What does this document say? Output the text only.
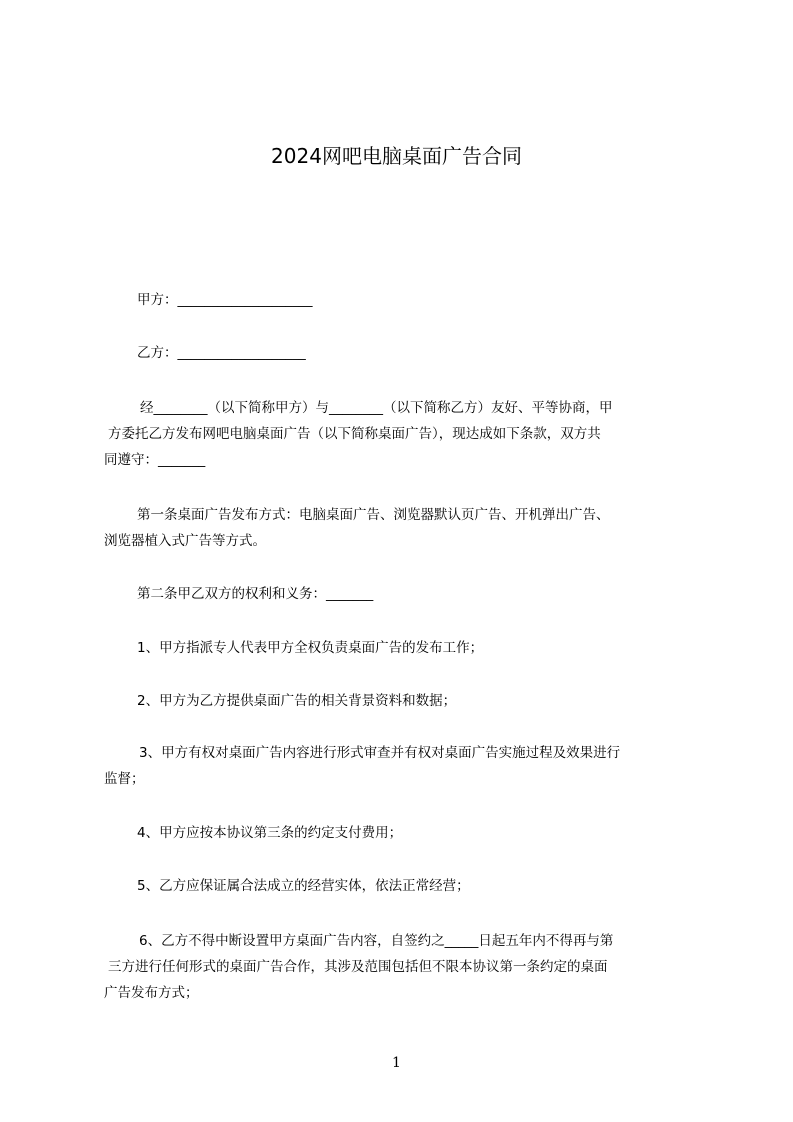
2024网吧电脑桌面广告合同
甲方：____________________
乙方：___________________
经________（以下简称甲方）与________（以下简称乙方）友好、平等协商，甲
方委托乙方发布网吧电脑桌面广告（以下简称桌面广告），现达成如下条款，双方共
同遵守：_______
第一条桌面广告发布方式：电脑桌面广告、浏览器默认页广告、开机弹出广告、
浏览器植入式广告等方式。
第二条甲乙双方的权利和义务：_______
1、甲方指派专人代表甲方全权负责桌面广告的发布工作；
2、甲方为乙方提供桌面广告的相关背景资料和数据；
3、甲方有权对桌面广告内容进行形式审查并有权对桌面广告实施过程及效果进行
监督；
4、甲方应按本协议第三条的约定支付费用；
5、乙方应保证属合法成立的经营实体，依法正常经营；
6、乙方不得中断设置甲方桌面广告内容，自签约之_____日起五年内不得再与第
三方进行任何形式的桌面广告合作，其涉及范围包括但不限本协议第一条约定的桌面
广告发布方式；
1
